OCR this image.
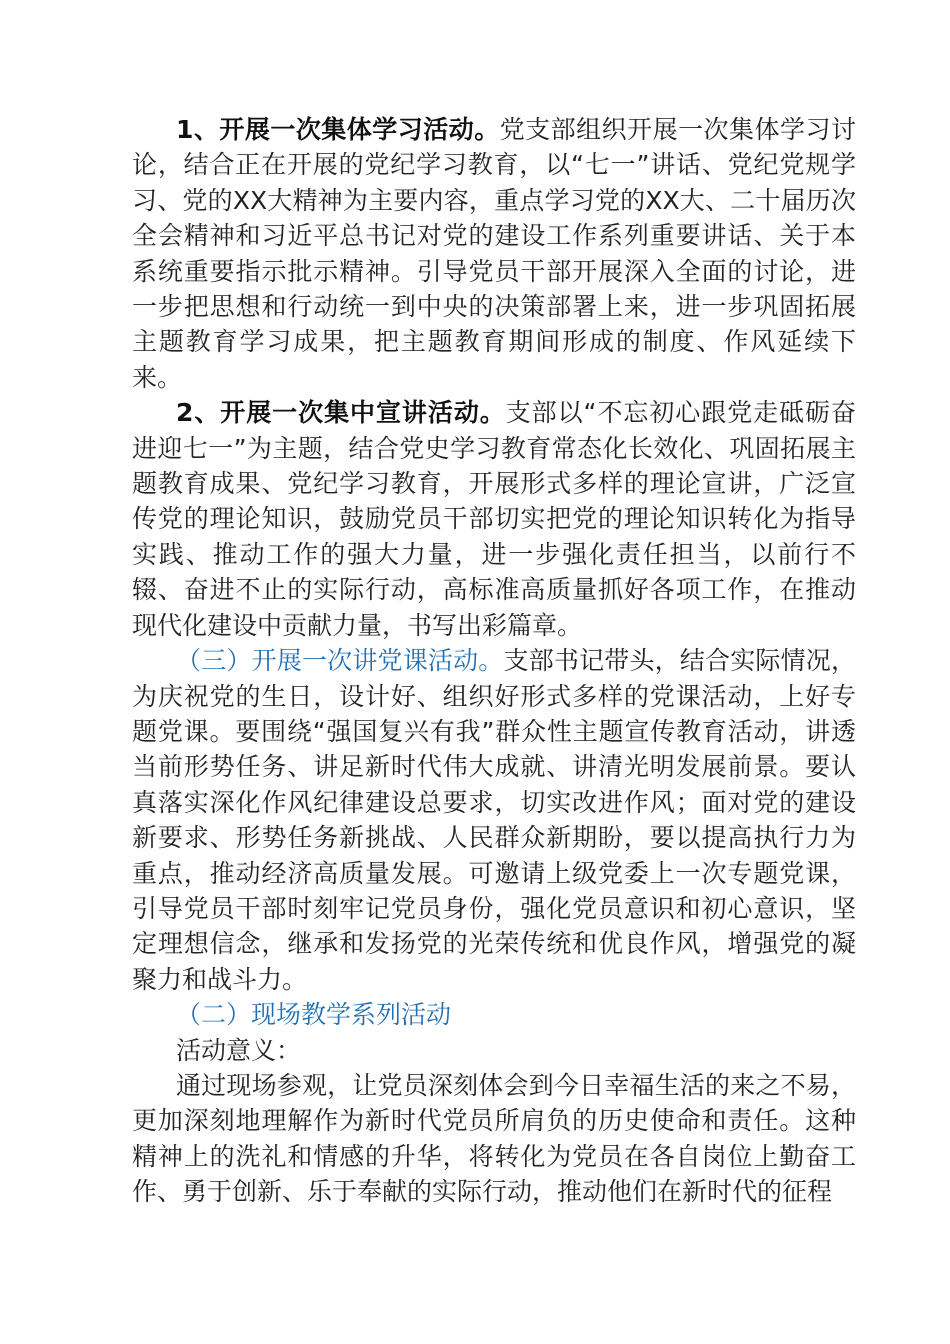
1、开展一次集体学习活动。党支部组织开展一次集体学习讨论，结合正在开展的党纪学习教育，以“七一”讲话、党纪党规学习、党的XX大精神为主要内容，重点学习党的XX大、二十届历次全会精神和习近平总书记对党的建设工作系列重要讲话、关于本系统重要指示批示精神。引导党员干部开展深入全面的讨论，进一步把思想和行动统一到中央的决策部署上来，进一步巩固拓展主题教育学习成果，把主题教育期间形成的制度、作风延续下来。

2、开展一次集中宣讲活动。支部以“不忘初心跟党走砥砺奋进迎七一”为主题，结合党史学习教育常态化长效化、巩固拓展主题教育成果、党纪学习教育，开展形式多样的理论宣讲，广泛宣传党的理论知识，鼓励党员干部切实把党的理论知识转化为指导实践、推动工作的强大力量，进一步强化责任担当，以前行不辍、奋进不止的实际行动，高标准高质量抓好各项工作，在推动现代化建设中贡献力量，书写出彩篇章。

（三）开展一次讲党课活动。支部书记带头，结合实际情况，为庆祝党的生日，设计好、组织好形式多样的党课活动，上好专题党课。要围绕“强国复兴有我”群众性主题宣传教育活动，讲透当前形势任务、讲足新时代伟大成就、讲清光明发展前景。要认真落实深化作风纪律建设总要求，切实改进作风；面对党的建设新要求、形势任务新挑战、人民群众新期盼，要以提高执行力为重点，推动经济高质量发展。可邀请上级党委上一次专题党课，引导党员干部时刻牢记党员身份，强化党员意识和初心意识，坚定理想信念，继承和发扬党的光荣传统和优良作风，增强党的凝聚力和战斗力。

（二）现场教学系列活动

活动意义：

通过现场参观，让党员深刻体会到今日幸福生活的来之不易，更加深刻地理解作为新时代党员所肩负的历史使命和责任。这种精神上的洗礼和情感的升华，将转化为党员在各自岗位上勤奋工作、勇于创新、乐于奉献的实际行动，推动他们在新时代的征程
